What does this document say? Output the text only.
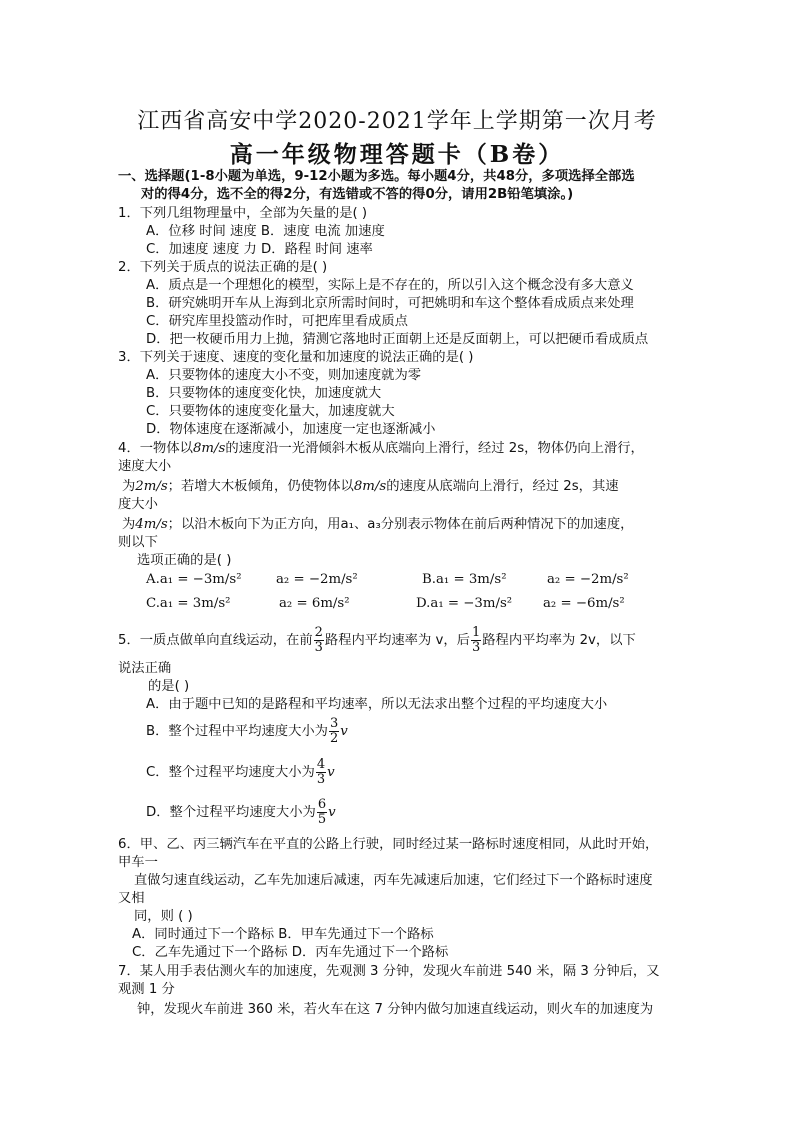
江西省高安中学2020-2021学年上学期第一次月考
高一年级物理答题卡（B卷）
一、选择题(1-8小题为单选，9-12小题为多选。每小题4分，共48分，多项选择全部选
对的得4分，选不全的得2分，有选错或不答的得0分，请用2B铅笔填涂。)
1．下列几组物理量中，全部为矢量的是( )
A．位移 时间 速度 B．速度 电流 加速度
C．加速度 速度 力 D．路程 时间 速率
2．下列关于质点的说法正确的是( )
A．质点是一个理想化的模型，实际上是不存在的，所以引入这个概念没有多大意义
B．研究姚明开车从上海到北京所需时间时，可把姚明和车这个整体看成质点来处理
C．研究库里投篮动作时，可把库里看成质点
D．把一枚硬币用力上抛，猜测它落地时正面朝上还是反面朝上，可以把硬币看成质点
3．下列关于速度、速度的变化量和加速度的说法正确的是( )
A．只要物体的速度大小不变，则加速度就为零
B．只要物体的速度变化快，加速度就大
C．只要物体的速度变化量大，加速度就大
D．物体速度在逐渐减小，加速度一定也逐渐减小
4．一物体以8m/s的速度沿一光滑倾斜木板从底端向上滑行，经过 2s，物体仍向上滑行，
速度大小
为2m/s；若增大木板倾角，仍使物体以8m/s的速度从底端向上滑行，经过 2s，其速
度大小
为4m/s；以沿木板向下为正方向，用a₁、a₃分别表示物体在前后两种情况下的加速度，
则以下
选项正确的是( )
A.a₁ = −3m/s²	a₂ = −2m/s²	B.a₁ = 3m/s²	a₂ = −2m/s²
C.a₁ = 3m/s²	a₂ = 6m/s²	D.a₁ = −3m/s² a₂ = −6m/s²
5．一质点做单向直线运动，在前 $\frac{2}{3}$ 路程内平均速率为 v，后 $\frac{1}{3}$ 路程内平均率为 2v，以下
说法正确
的是( )
A．由于题中已知的是路程和平均速率，所以无法求出整个过程的平均速度大小
B．整个过程中平均速度大小为 $\frac{3}{2}$ v
C．整个过程平均速度大小为 $\frac{4}{3}$ v
D．整个过程平均速度大小为 $\frac{6}{5}$ v
6．甲、乙、丙三辆汽车在平直的公路上行驶，同时经过某一路标时速度相同，从此时开始，
甲车一
直做匀速直线运动，乙车先加速后减速，丙车先减速后加速，它们经过下一个路标时速度
又相
同，则 ( )
A．同时通过下一个路标 B．甲车先通过下一个路标
C．乙车先通过下一个路标 D．丙车先通过下一个路标
7．某人用手表估测火车的加速度，先观测 3 分钟，发现火车前进 540 米，隔 3 分钟后，又
观测 1 分
钟，发现火车前进 360 米，若火车在这 7 分钟内做匀加速直线运动，则火车的加速度为
